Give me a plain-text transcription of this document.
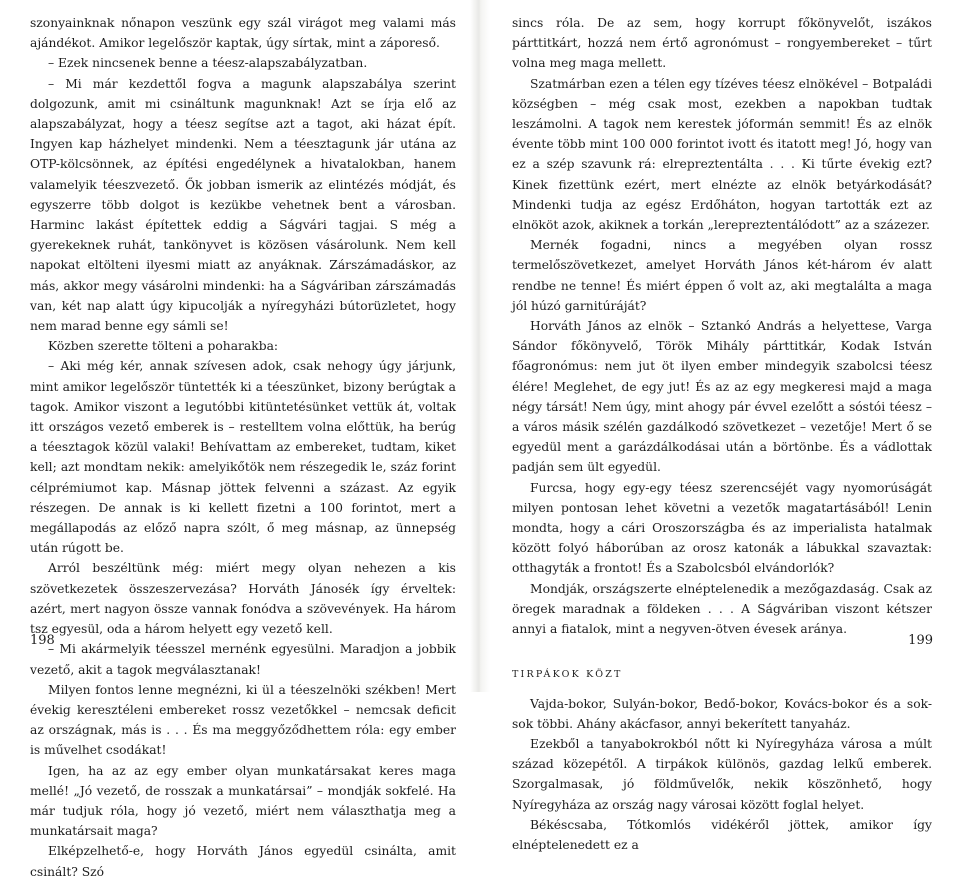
szonyainknak nőnapon veszünk egy szál virágot meg valami más ajándékot. Amikor legelőször kaptak, úgy sírtak, mint a záporeső.

– Ezek nincsenek benne a téesz-alapszabályzatban.

– Mi már kezdettől fogva a magunk alapszabálya szerint dolgozunk, amit mi csináltunk magunknak! Azt se írja elő az alapszabályzat, hogy a téesz segítse azt a tagot, aki házat épít. Ingyen kap házhelyet mindenki. Nem a téesztagunk jár utána az OTP-kölcsönnek, az építési engedélynek a hivatalokban, hanem valamelyik téeszvezető. Ők jobban ismerik az elintézés módját, és egyszerre több dolgot is kezükbe vehetnek bent a városban. Harminc lakást építettek eddig a Ságvári tagjai. S még a gyerekeknek ruhát, tankönyvet is közösen vásárolunk. Nem kell napokat eltölteni ilyesmi miatt az anyáknak. Zárszámadáskor, az más, akkor megy vásárolni mindenki: ha a Ságváriban zárszámadás van, két nap alatt úgy kipucolják a nyíregyházi bútorüzletet, hogy nem marad benne egy sámli se!

Közben szerette tölteni a poharakba:

– Aki még kér, annak szívesen adok, csak nehogy úgy járjunk, mint amikor legelőször tüntették ki a téeszünket, bizony berúgtak a tagok. Amikor viszont a legutóbbi kitüntetésünket vettük át, voltak itt országos vezető emberek is – restelltem volna előttük, ha berúg a téesztagok közül valaki! Behívattam az embereket, tudtam, kiket kell; azt mondtam nekik: amelyikőtök nem részegedik le, száz forint célprémiumot kap. Másnap jöttek felvenni a százast. Az egyik részegen. De annak is ki kellett fizetni a 100 forintot, mert a megállapodás az előző napra szólt, ő meg másnap, az ünnepség után rúgott be.

Arról beszéltünk még: miért megy olyan nehezen a kis szövetkezetek összeszervezása? Horváth Jánosék így érveltek: azért, mert nagyon össze vannak fonódva a szövevények. Ha három tsz egyesül, oda a három helyett egy vezető kell.

– Mi akármelyik téesszel mernénk egyesülni. Maradjon a jobbik vezető, akit a tagok megválasztanak!

Milyen fontos lenne megnézni, ki ül a téeszelnöki székben! Mert évekig keresztéleni embereket rossz vezetőkkel – nemcsak deficit az országnak, más is . . . És ma meggyőződhettem róla: egy ember is művelhet csodákat!

Igen, ha az az egy ember olyan munkatársakat keres maga mellé! „Jó vezető, de rosszak a munkatársai” – mondják sokfelé. Ha már tudjuk róla, hogy jó vezető, miért nem választhatja meg a munkatársait maga?

Elképzelhető-e, hogy Horváth János egyedül csinálta, amit csinált? Szó

198

sincs róla. De az sem, hogy korrupt főkönyvelőt, iszákos párttitkárt, hozzá nem értő agronómust – rongyembereket – tűrt volna meg maga mellett.

Szatmárban ezen a télen egy tízéves téesz elnökével – Botpaládi községben – még csak most, ezekben a napokban tudtak leszámolni. A tagok nem kerestek jóformán semmit! És az elnök évente több mint 100 000 forintot ivott és itatott meg! Jó, hogy van ez a szép szavunk rá: elrepreztentálta . . . Ki tűrte évekig ezt? Kinek fizettünk ezért, mert elnézte az elnök betyárkodását? Mindenki tudja az egész Erdőháton, hogyan tartották ezt az elnököt azok, akiknek a torkán „lerepreztentálódott” az a százezer.

Mernék fogadni, nincs a megyében olyan rossz termelőszövetkezet, amelyet Horváth János két-három év alatt rendbe ne tenne! És miért éppen ő volt az, aki megtalálta a maga jól húzó garnitúráját?

Horváth János az elnök – Sztankó András a helyettese, Varga Sándor főkönyvelő, Török Mihály párttitkár, Kodak István főagronómus: nem jut öt ilyen ember mindegyik szabolcsi téesz élére! Meglehet, de egy jut! És az az egy megkeresi majd a maga négy társát! Nem úgy, mint ahogy pár évvel ezelőtt a sóstói téesz – a város másik szélén gazdálkodó szövetkezet – vezetője! Mert ő se egyedül ment a garázdálkodásai után a börtönbe. És a vádlottak padján sem ült egyedül.

Furcsa, hogy egy-egy téesz szerencséjét vagy nyomorúságát milyen pontosan lehet követni a vezetők magatartásából! Lenin mondta, hogy a cári Oroszországba és az imperialista hatalmak között folyó háborúban az orosz katonák a lábukkal szavaztak: otthagyták a frontot! És a Szabolcsból elvándorlók?

Mondják, országszerte elnéptelenedik a mezőgazdaság. Csak az öregek maradnak a földeken . . . A Ságváriban viszont kétszer annyi a fiatalok, mint a negyven-ötven évesek aránya.

TIRPÁKOK KÖZT

Vajda-bokor, Sulyán-bokor, Bedő-bokor, Kovács-bokor és a sok-sok többi. Ahány akácfasor, annyi bekerített tanyaház.

Ezekből a tanyabokrokból nőtt ki Nyíregyháza városa a múlt század közepétől. A tirpákok különös, gazdag lelkű emberek. Szorgalmasak, jó földművelők, nekik köszönhető, hogy Nyíregyháza az ország nagy városai között foglal helyet.

Békéscsaba, Tótkomlós vidékéről jöttek, amikor így elnéptelenedett ez a

199
